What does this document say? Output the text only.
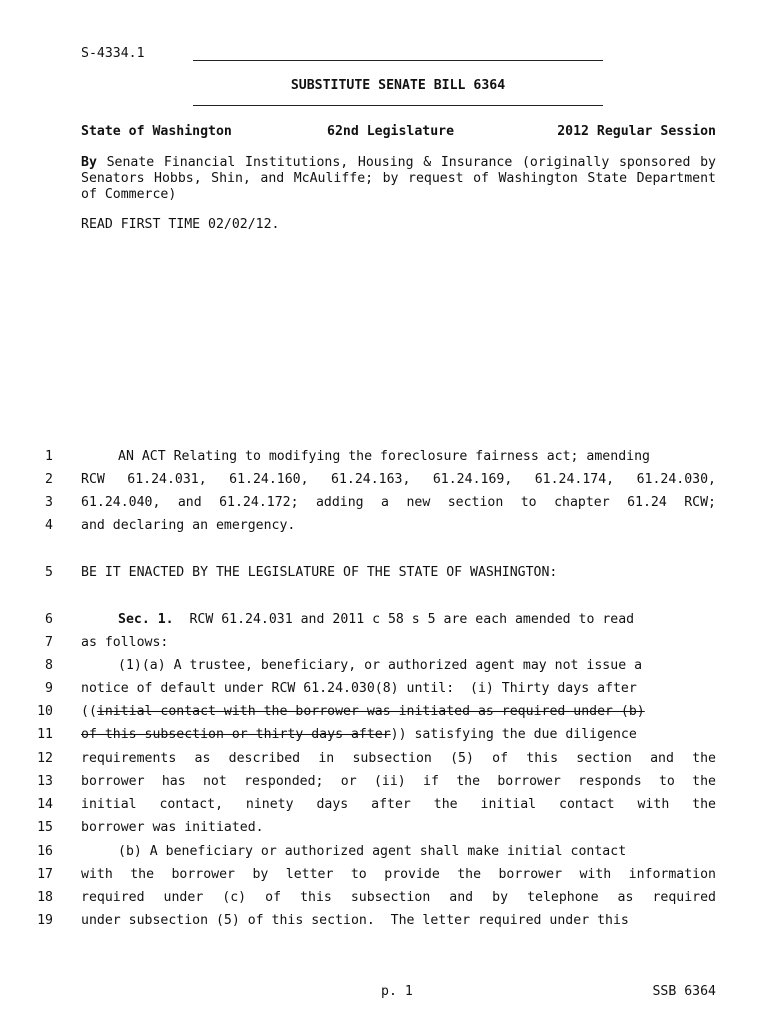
S-4334.1
SUBSTITUTE SENATE BILL 6364
State of Washington	62nd Legislature	2012 Regular Session
By Senate Financial Institutions, Housing & Insurance (originally sponsored by Senators Hobbs, Shin, and McAuliffe; by request of Washington State Department of Commerce)
READ FIRST TIME 02/02/12.
1	AN ACT Relating to modifying the foreclosure fairness act; amending
2 RCW 61.24.031, 61.24.160, 61.24.163, 61.24.169, 61.24.174, 61.24.030,
3 61.24.040, and 61.24.172; adding a new section to chapter 61.24 RCW;
4 and declaring an emergency.
5 BE IT ENACTED BY THE LEGISLATURE OF THE STATE OF WASHINGTON:
6	Sec. 1. RCW 61.24.031 and 2011 c 58 s 5 are each amended to read
7 as follows:
8	(1)(a) A trustee, beneficiary, or authorized agent may not issue a
9 notice of default under RCW 61.24.030(8) until:  (i) Thirty days after
10 ((initial contact with the borrower was initiated as required under (b)
11 of this subsection or thirty days after)) satisfying the due diligence
12 requirements as described in subsection (5) of this section and the
13 borrower has not responded; or (ii) if the borrower responds to the
14 initial contact, ninety days after the initial contact with the
15 borrower was initiated.
16	(b) A beneficiary or authorized agent shall make initial contact
17 with the borrower by letter to provide the borrower with information
18 required under (c) of this subsection and by telephone as required
19 under subsection (5) of this section.  The letter required under this
p. 1	SSB 6364
